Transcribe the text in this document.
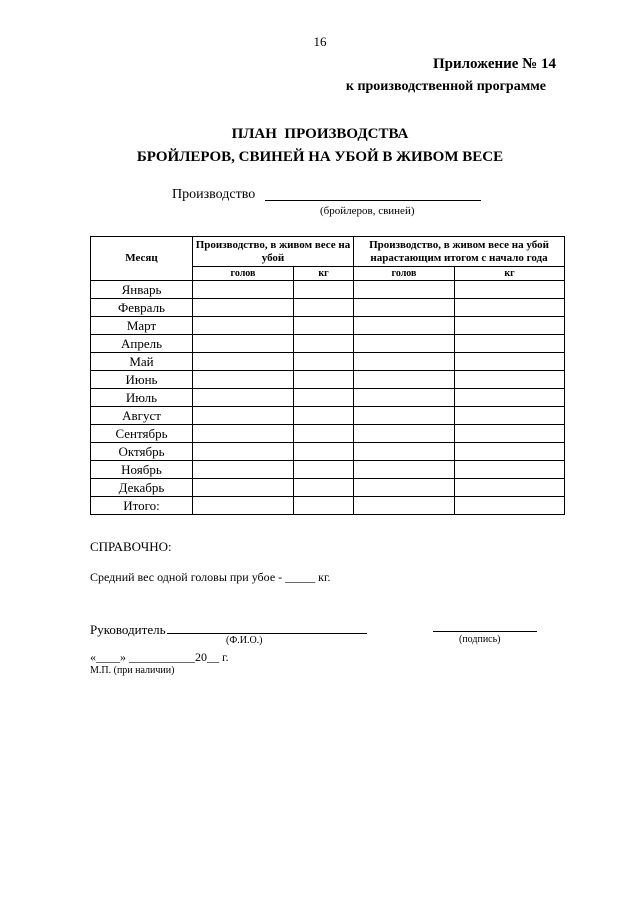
16
Приложение № 14
к производственной программе
ПЛАН  ПРОИЗВОДСТВА
БРОЙЛЕРОВ, СВИНЕЙ НА УБОЙ В ЖИВОМ ВЕСЕ
Производство
(бройлеров, свиней)
Месяц	Производство, в живом весе на убой		Производство, в живом весе на убой нарастающим итогом с начало года	
	голов	кг	голов	кг
Январь				
Февраль				
Март				
Апрель				
Май				
Июнь				
Июль				
Август				
Сентябрь				
Октябрь				
Ноябрь				
Декабрь				
Итого:				
СПРАВОЧНО:
Средний вес одной головы при убое - _____ кг.
Руководитель
(Ф.И.О.)	(подпись)
«____» ___________20__ г.
М.П. (при наличии)
